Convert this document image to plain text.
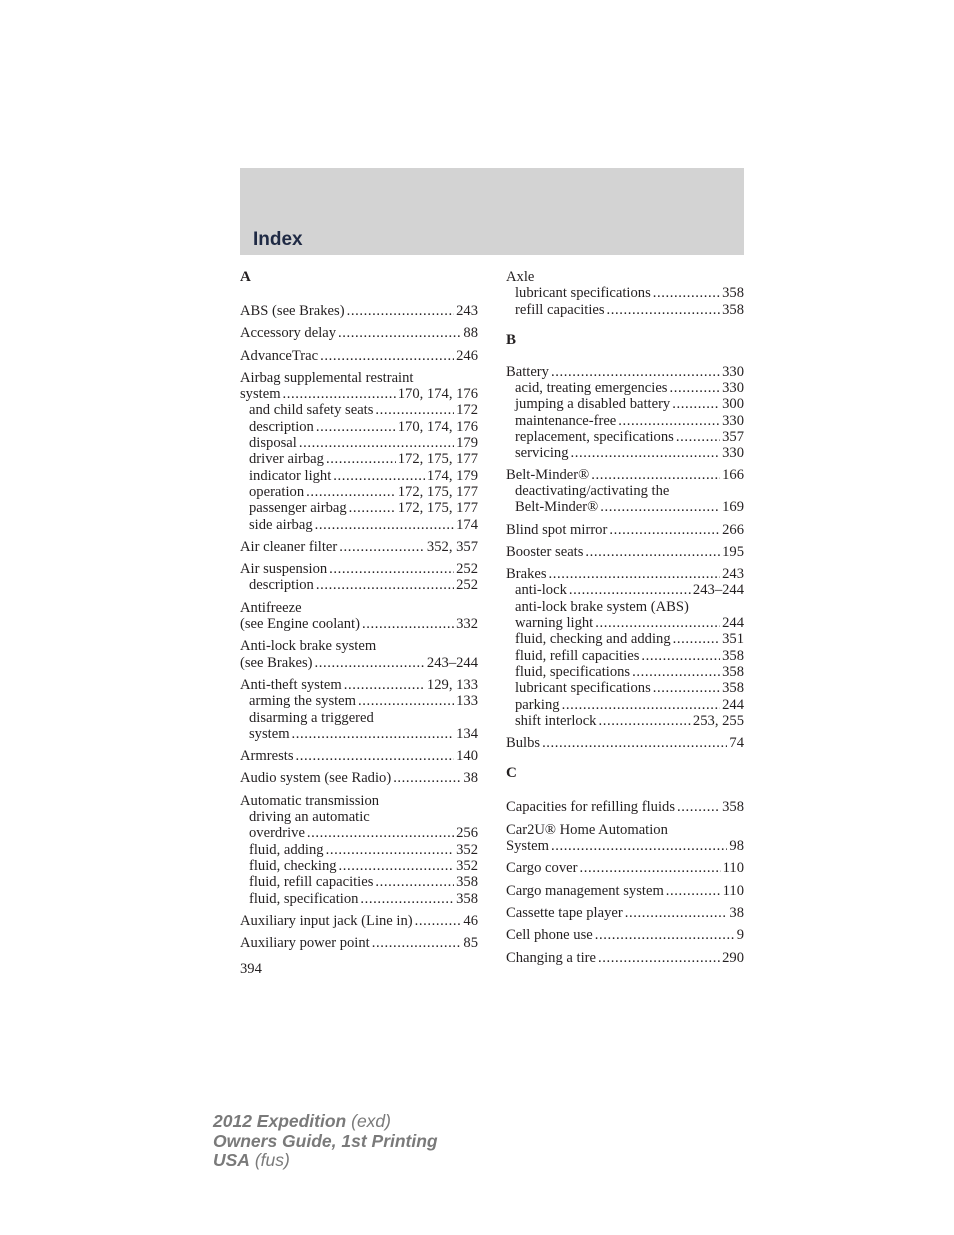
Index
A
ABS (see Brakes) .....	243
Accessory delay .....	88
AdvanceTrac .....	246
Airbag supplemental restraint
system .....	170, 174, 176
and child safety seats .....	172
description .....	170, 174, 176
disposal .....	179
driver airbag .....	172, 175, 177
indicator light .....	174, 179
operation .....	172, 175, 177
passenger airbag .....	172, 175, 177
side airbag .....	174
Air cleaner filter .....	352, 357
Air suspension .....	252
description .....	252
Antifreeze
(see Engine coolant) .....	332
Anti-lock brake system
(see Brakes) .....	243–244
Anti-theft system .....	129, 133
arming the system .....	133
disarming a triggered
system .....	134
Armrests .....	140
Audio system (see Radio) .....	38
Automatic transmission
driving an automatic
overdrive .....	256
fluid, adding .....	352
fluid, checking .....	352
fluid, refill capacities .....	358
fluid, specification .....	358
Auxiliary input jack (Line in) .....	46
Auxiliary power point .....	85
Axle
lubricant specifications .....	358
refill capacities .....	358
B
Battery .....	330
acid, treating emergencies .....	330
jumping a disabled battery .....	300
maintenance-free .....	330
replacement, specifications .....	357
servicing .....	330
Belt-Minder® .....	166
deactivating/activating the
Belt-Minder® .....	169
Blind spot mirror .....	266
Booster seats .....	195
Brakes .....	243
anti-lock .....	243–244
anti-lock brake system (ABS)
warning light .....	244
fluid, checking and adding .....	351
fluid, refill capacities .....	358
fluid, specifications .....	358
lubricant specifications .....	358
parking .....	244
shift interlock .....	253, 255
Bulbs .....	74
C
Capacities for refilling fluids .....	358
Car2U® Home Automation
System .....	98
Cargo cover .....	110
Cargo management system .....	110
Cassette tape player .....	38
Cell phone use .....	9
Changing a tire .....	290
394
2012 Expedition (exd)
Owners Guide, 1st Printing
USA (fus)
